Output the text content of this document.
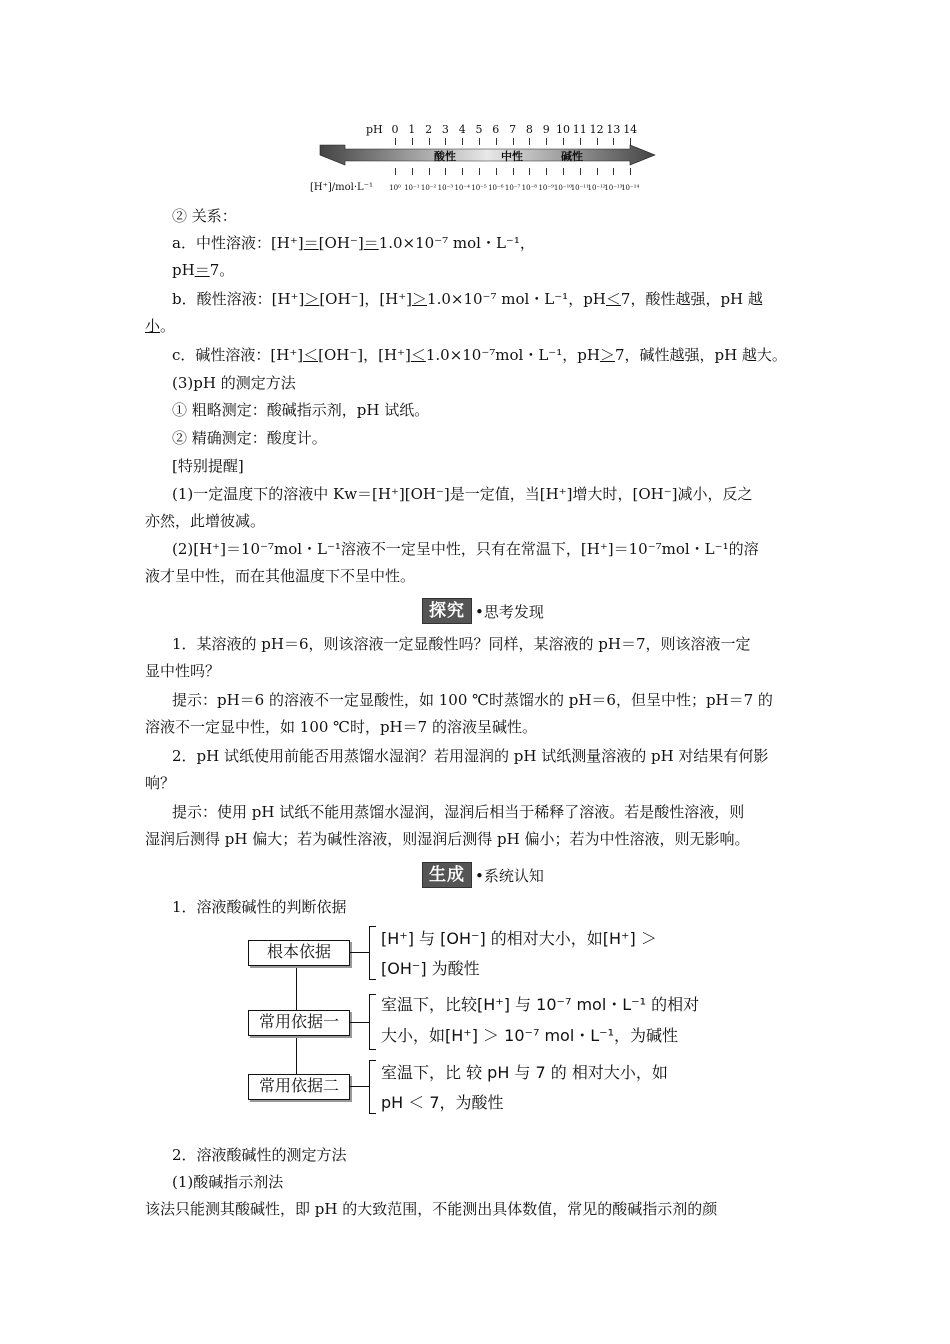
pH 0 1 2 3 4 5 6 7 8 9 10 11 12 13 14
酸性	中性	碱性
[H⁺]/mol·L⁻¹ 10⁰ 10⁻¹ 10⁻² 10⁻³ 10⁻⁴ 10⁻⁵ 10⁻⁶ 10⁻⁷ 10⁻⁸ 10⁻⁹ 10⁻¹⁰
10⁻¹¹
10⁻¹²
10⁻¹³
10⁻¹⁴
② 关系：
a．中性溶液：[H⁺]＝[OH⁻]＝1.0×10⁻⁷ mol・L⁻¹，
pH＝7。
b．酸性溶液：[H⁺]＞[OH⁻]，[H⁺]＞1.0×10⁻⁷ mol・L⁻¹，pH＜7，酸性越强，pH 越
小。
c．碱性溶液：[H⁺]＜[OH⁻]，[H⁺]＜1.0×10⁻⁷mol・L⁻¹，pH＞7，碱性越强，pH 越大。
(3)pH 的测定方法
① 粗略测定：酸碱指示剂，pH 试纸。
② 精确测定：酸度计。
[特别提醒]
(1)一定温度下的溶液中 Kw＝[H⁺][OH⁻]是一定值，当[H⁺]增大时，[OH⁻]减小，反之
亦然，此增彼减。
(2)[H⁺]＝10⁻⁷mol・L⁻¹溶液不一定呈中性，只有在常温下，[H⁺]＝10⁻⁷mol・L⁻¹的溶
液才呈中性，而在其他温度下不呈中性。
探究 •思考发现
1．某溶液的 pH＝6，则该溶液一定显酸性吗？同样，某溶液的 pH＝7，则该溶液一定
显中性吗？
提示：pH＝6 的溶液不一定显酸性，如 100 ℃时蒸馏水的 pH＝6，但呈中性；pH＝7 的
溶液不一定显中性，如 100 ℃时，pH＝7 的溶液呈碱性。
2．pH 试纸使用前能否用蒸馏水湿润？若用湿润的 pH 试纸测量溶液的 pH 对结果有何影
响？
提示：使用 pH 试纸不能用蒸馏水湿润，湿润后相当于稀释了溶液。若是酸性溶液，则
湿润后测得 pH 偏大；若为碱性溶液，则湿润后测得 pH 偏小；若为中性溶液，则无影响。
生成 •系统认知
1．溶液酸碱性的判断依据
根本依据
[H⁺] 与 [OH⁻] 的相对大小，如[H⁺] ＞
[OH⁻] 为酸性
常用依据一
室温下，比较[H⁺] 与 10⁻⁷ mol・L⁻¹ 的相对
大小，如[H⁺] ＞ 10⁻⁷ mol・L⁻¹，为碱性
常用依据二
室温下，比 较 pH 与 7 的 相对大小，如
pH ＜ 7，为酸性
2．溶液酸碱性的测定方法
(1)酸碱指示剂法
该法只能测其酸碱性，即 pH 的大致范围，不能测出具体数值，常见的酸碱指示剂的颜
